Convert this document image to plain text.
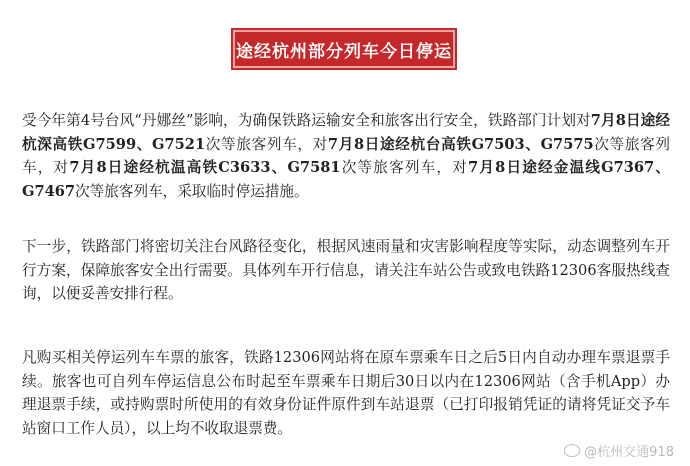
途经杭州部分列车今日停运
受今年第4号台风“丹娜丝”影响，为确保铁路运输安全和旅客出行安全，铁路部门计划对7月8日途经杭深高铁G7599、G7521次等旅客列车，对7月8日途经杭台高铁G7503、G7575次等旅客列车，对7月8日途经杭温高铁C3633、G7581次等旅客列车，对7月8日途经金温线G7367、G7467次等旅客列车，采取临时停运措施。
下一步，铁路部门将密切关注台风路径变化，根据风速雨量和灾害影响程度等实际，动态调整列车开行方案，保障旅客安全出行需要。具体列车开行信息，请关注车站公告或致电铁路12306客服热线查询，以便妥善安排行程。
凡购买相关停运列车车票的旅客，铁路12306网站将在原车票乘车日之后5日内自动办理车票退票手续。旅客也可自列车停运信息公布时起至车票乘车日期后30日以内在12306网站（含手机App）办理退票手续，或持购票时所使用的有效身份证件原件到车站退票（已打印报销凭证的请将凭证交予车站窗口工作人员），以上均不收取退票费。
@杭州交通918
